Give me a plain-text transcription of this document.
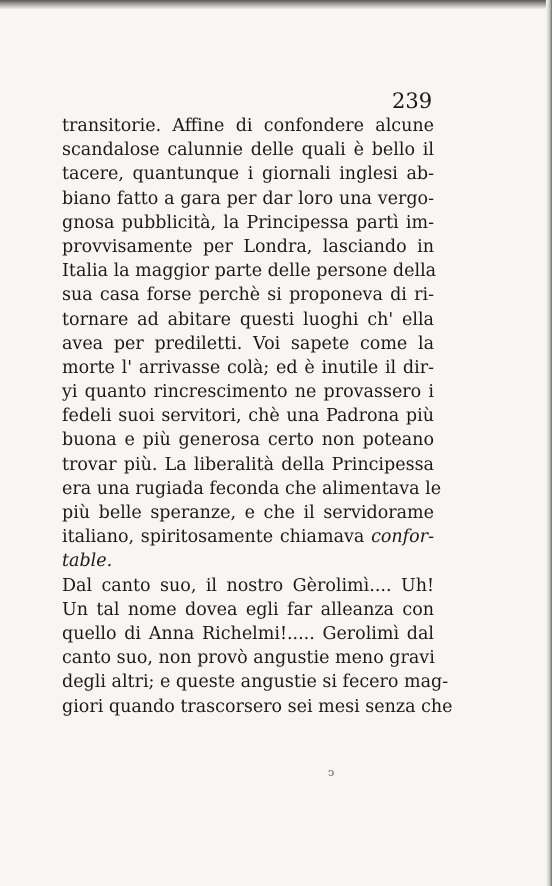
239

transitorie. Affine di confondere alcune
scandalose calunnie delle quali è bello il
tacere, quantunque i giornali inglesi ab-
biano fatto a gara per dar loro una vergo-
gnosa pubblicità, la Principessa partì im-
provvisamente per Londra, lasciando in
Italia la maggior parte delle persone della
sua casa forse perchè si proponeva di ri-
tornare ad abitare questi luoghi ch' ella
avea per prediletti. Voi sapete come la
morte l' arrivasse colà; ed è inutile il dir-
yi quanto rincrescimento ne provassero i
fedeli suoi servitori, chè una Padrona più
buona e più generosa certo non poteano
trovar più. La liberalità della Principessa
era una rugiada feconda che alimentava le
più belle speranze, e che il servidorame
italiano, spiritosamente chiamava confor-
table.
Dal canto suo, il nostro Gèrolimì.... Uh!
Un tal nome dovea egli far alleanza con
quello di Anna Richelmi!..... Gerolimì dal
canto suo, non provò angustie meno gravi
degli altri; e queste angustie si fecero mag-
giori quando trascorsero sei mesi senza che
ↄ
